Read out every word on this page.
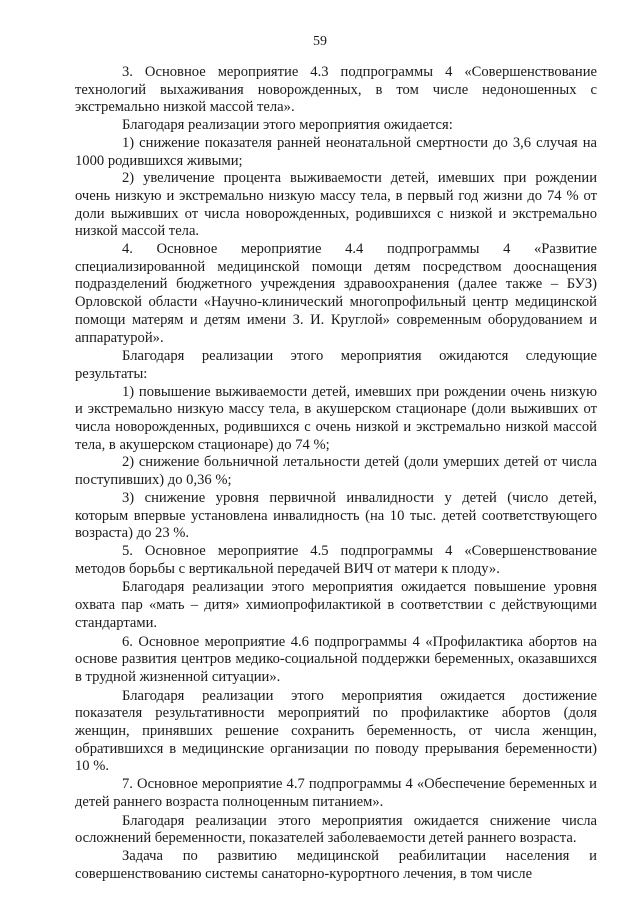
59

3. Основное мероприятие 4.3 подпрограммы 4 «Совершенствование технологий выхаживания новорожденных, в том числе недоношенных с экстремально низкой массой тела».

Благодаря реализации этого мероприятия ожидается:

1) снижение показателя ранней неонатальной смертности до 3,6 случая на 1000 родившихся живыми;

2) увеличение процента выживаемости детей, имевших при рождении очень низкую и экстремально низкую массу тела, в первый год жизни до 74 % от доли выживших от числа новорожденных, родившихся с низкой и экстремально низкой массой тела.

4. Основное мероприятие 4.4 подпрограммы 4 «Развитие специализированной медицинской помощи детям посредством дооснащения подразделений бюджетного учреждения здравоохранения (далее также – БУЗ) Орловской области «Научно-клинический многопрофильный центр медицинской помощи матерям и детям имени З. И. Круглой» современным оборудованием и аппаратурой».

Благодаря реализации этого мероприятия ожидаются следующие результаты:

1) повышение выживаемости детей, имевших при рождении очень низкую и экстремально низкую массу тела, в акушерском стационаре (доли выживших от числа новорожденных, родившихся с очень низкой и экстремально низкой массой тела, в акушерском стационаре) до 74 %;

2) снижение больничной летальности детей (доли умерших детей от числа поступивших) до 0,36 %;

3) снижение уровня первичной инвалидности у детей (число детей, которым впервые установлена инвалидность (на 10 тыс. детей соответствующего возраста) до 23 %.

5. Основное мероприятие 4.5 подпрограммы 4 «Совершенствование методов борьбы с вертикальной передачей ВИЧ от матери к плоду».

Благодаря реализации этого мероприятия ожидается повышение уровня охвата пар «мать – дитя» химиопрофилактикой в соответствии с действующими стандартами.

6. Основное мероприятие 4.6 подпрограммы 4 «Профилактика абортов на основе развития центров медико-социальной поддержки беременных, оказавшихся в трудной жизненной ситуации».

Благодаря реализации этого мероприятия ожидается достижение показателя результативности мероприятий по профилактике абортов (доля женщин, принявших решение сохранить беременность, от числа женщин, обратившихся в медицинские организации по поводу прерывания беременности) 10 %.

7. Основное мероприятие 4.7 подпрограммы 4 «Обеспечение беременных и детей раннего возраста полноценным питанием».

Благодаря реализации этого мероприятия ожидается снижение числа осложнений беременности, показателей заболеваемости детей раннего возраста.

Задача по развитию медицинской реабилитации населения и совершенствованию системы санаторно-курортного лечения, в том числе
